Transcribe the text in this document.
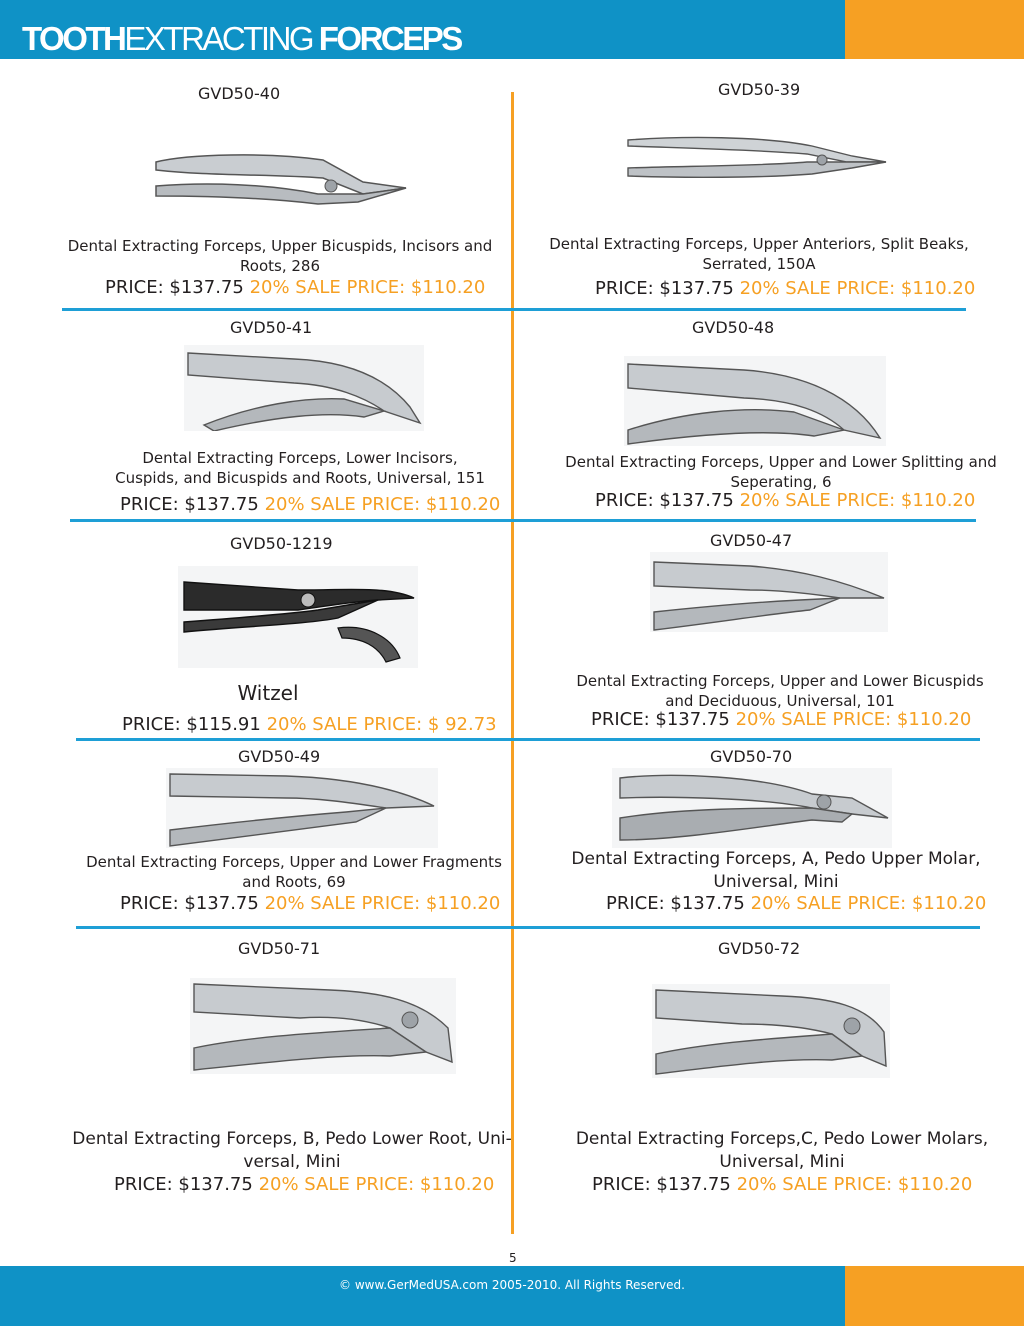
TOOTHEXTRACTING FORCEPS
GVD50-40
Dental Extracting Forceps, Upper Bicuspids, Incisors and
Roots, 286
PRICE: $137.75 20% SALE PRICE: $110.20
GVD50-39
Dental Extracting Forceps, Upper Anteriors, Split Beaks,
Serrated, 150A
PRICE: $137.75 20% SALE PRICE: $110.20
GVD50-41
Dental Extracting Forceps, Lower Incisors,
Cuspids, and Bicuspids and Roots, Universal, 151
PRICE: $137.75 20% SALE PRICE: $110.20
GVD50-48
Dental Extracting Forceps, Upper and Lower Splitting and
Seperating, 6
PRICE: $137.75 20% SALE PRICE: $110.20
GVD50-1219
Witzel
PRICE: $115.91 20% SALE PRICE: $ 92.73
GVD50-47
Dental Extracting Forceps, Upper and Lower Bicuspids
and Deciduous, Universal, 101
PRICE: $137.75 20% SALE PRICE: $110.20
GVD50-49
Dental Extracting Forceps, Upper and Lower Fragments
and Roots, 69
PRICE: $137.75 20% SALE PRICE: $110.20
GVD50-70
Dental Extracting Forceps, A, Pedo Upper Molar,
Universal, Mini
PRICE: $137.75 20% SALE PRICE: $110.20
GVD50-71
Dental Extracting Forceps, B, Pedo Lower Root, Uni-
versal, Mini
PRICE: $137.75 20% SALE PRICE: $110.20
GVD50-72
Dental Extracting Forceps,C, Pedo Lower Molars,
Universal, Mini
PRICE: $137.75 20% SALE PRICE: $110.20
5
© www.GerMedUSA.com 2005-2010. All Rights Reserved.
